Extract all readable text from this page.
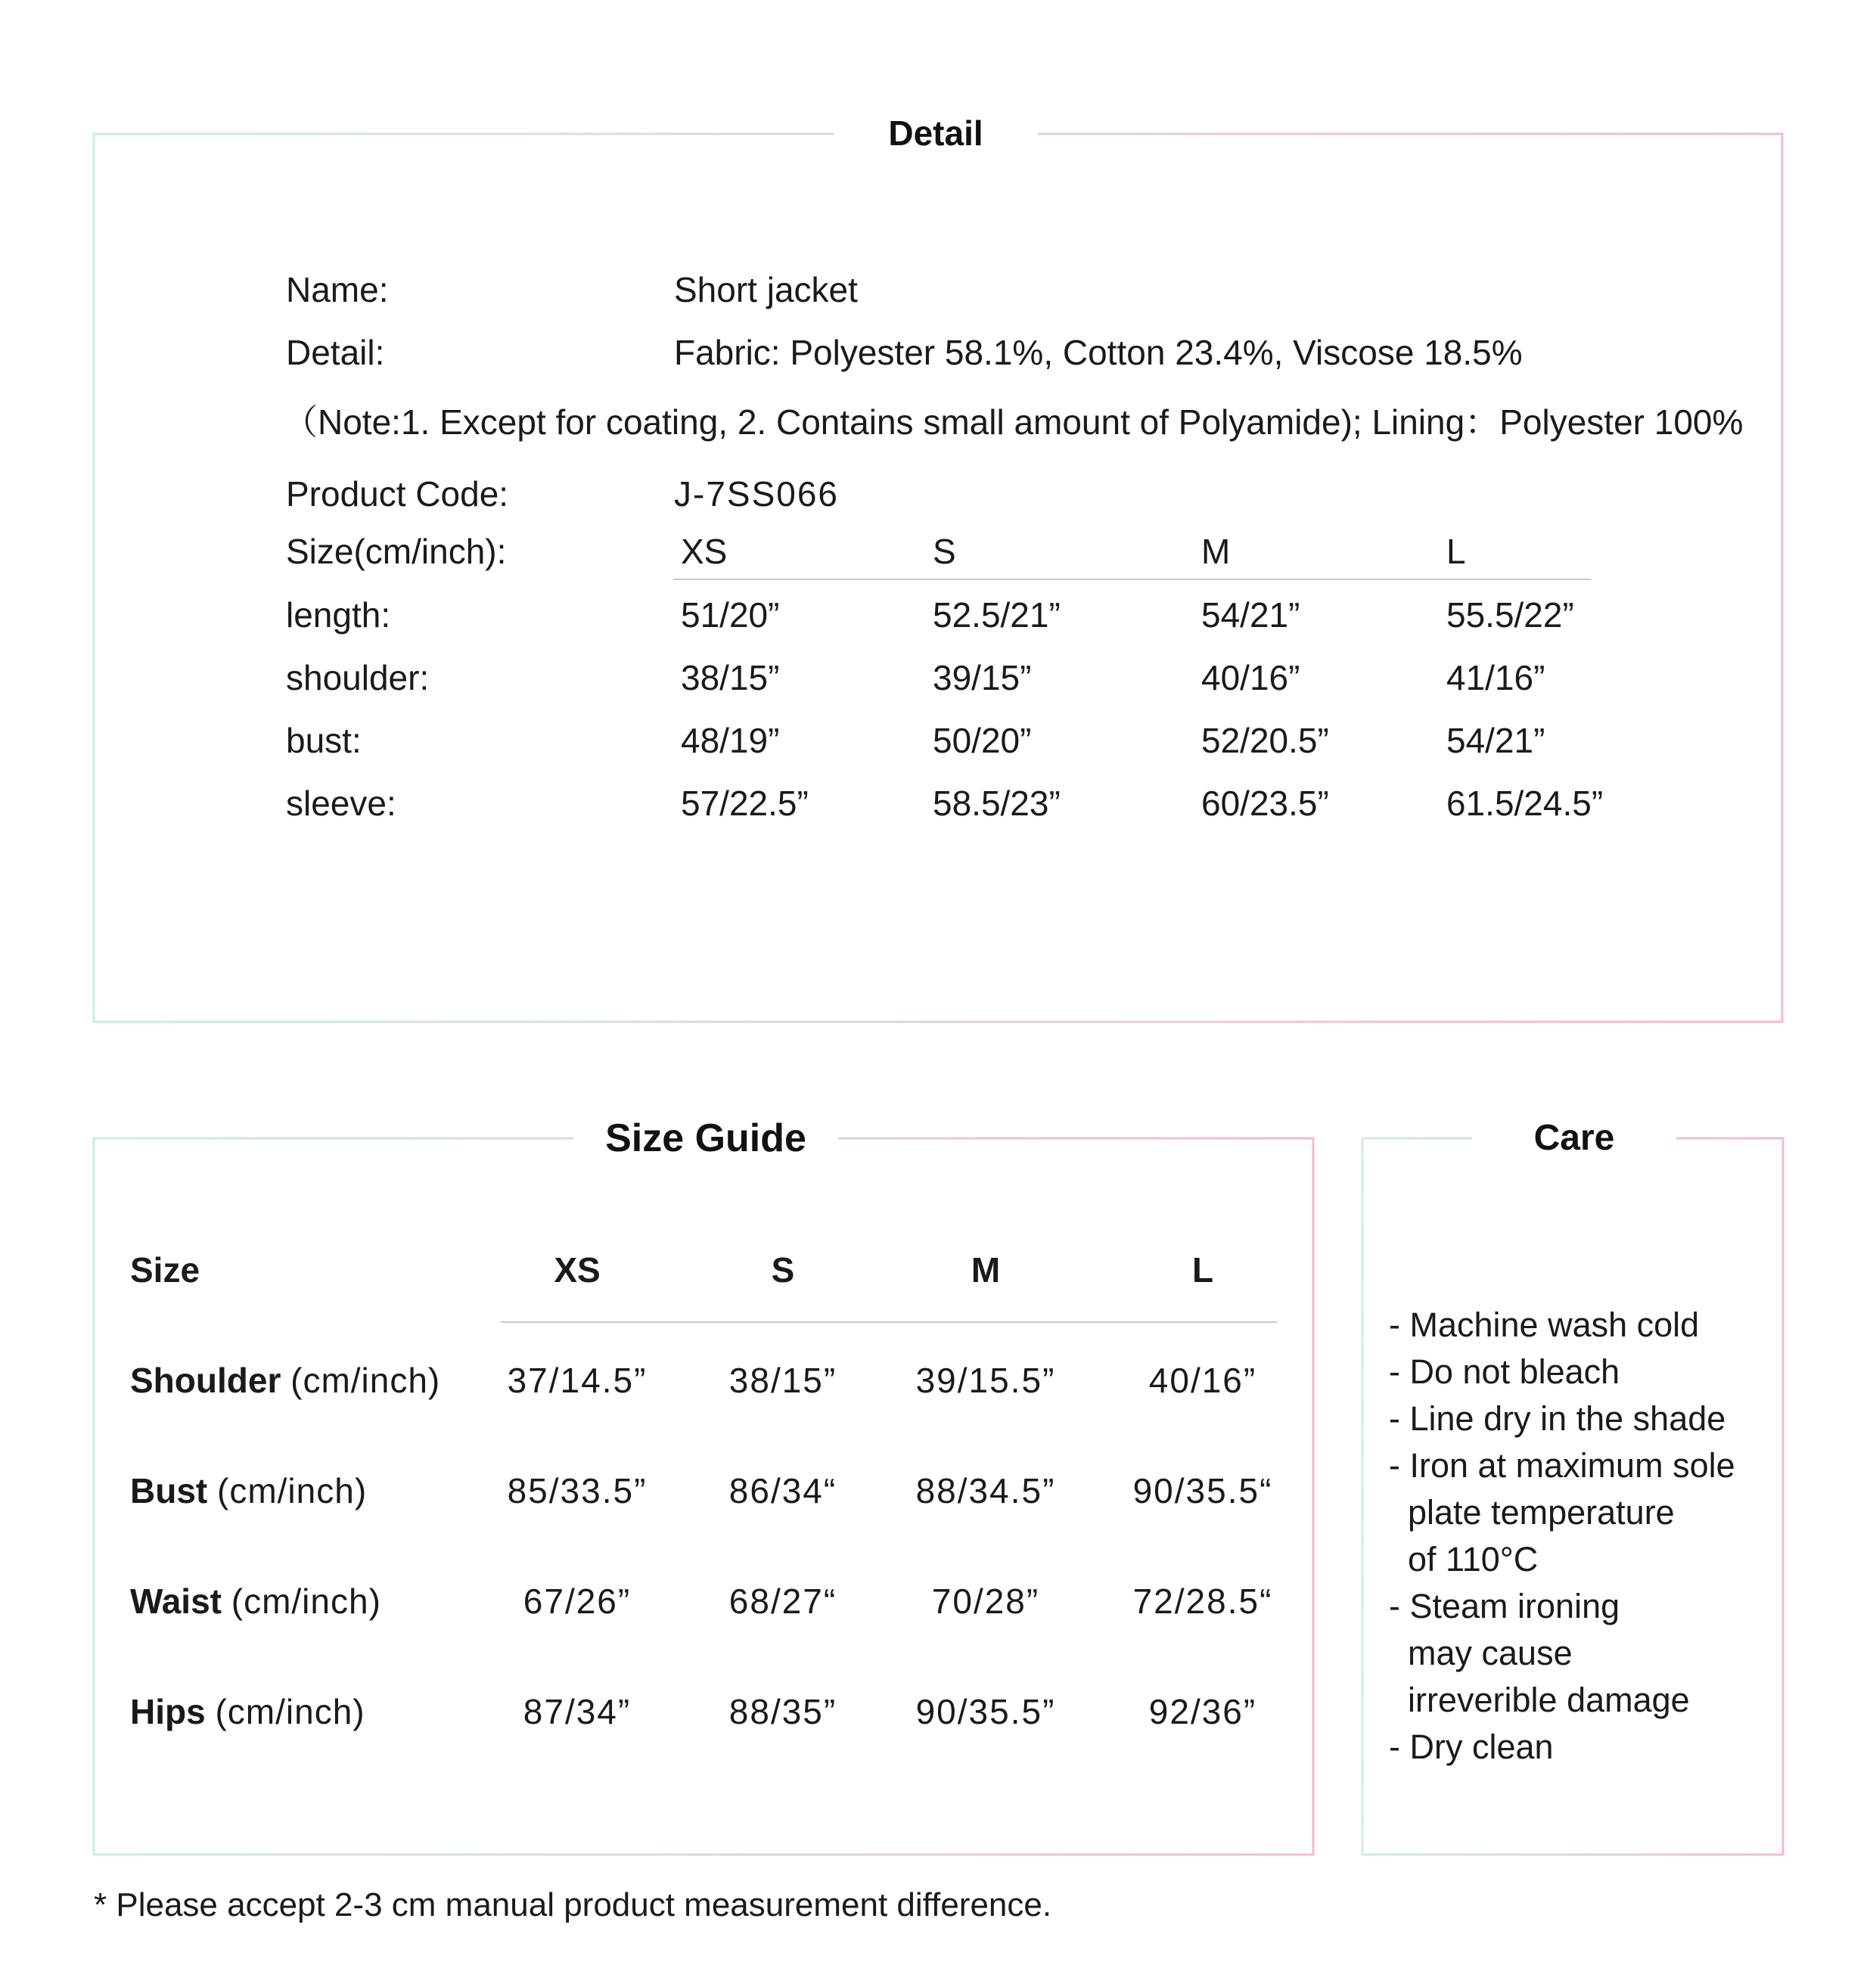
Detail
Name:	Short jacket
Detail:	Fabric: Polyester 58.1%, Cotton 23.4%, Viscose 18.5%
（Note:1. Except for coating, 2. Contains small amount of Polyamide); Lining：Polyester 100%
Product Code:	J-7SS066
Size(cm/inch):	XS	S	M	L
length:	51/20”	52.5/21”	54/21”	55.5/22”
shoulder:	38/15”	39/15”	40/16”	41/16”
bust:	48/19”	50/20”	52/20.5”	54/21”
sleeve:	57/22.5”	58.5/23”	60/23.5”	61.5/24.5”
Size Guide
Size	XS	S	M	L
Shoulder (cm/inch)	37/14.5”	38/15”	39/15.5”	40/16”
Bust (cm/inch)	85/33.5”	86/34“	88/34.5”	90/35.5“
Waist (cm/inch)	67/26”	68/27“	70/28”	72/28.5“
Hips (cm/inch)	87/34”	88/35”	90/35.5”	92/36”
Care
- Machine wash cold
- Do not bleach
- Line dry in the shade
- Iron at maximum sole
plate temperature
of 110°C
- Steam ironing
may cause
irreverible damage
- Dry clean
* Please accept 2-3 cm manual product measurement difference.
